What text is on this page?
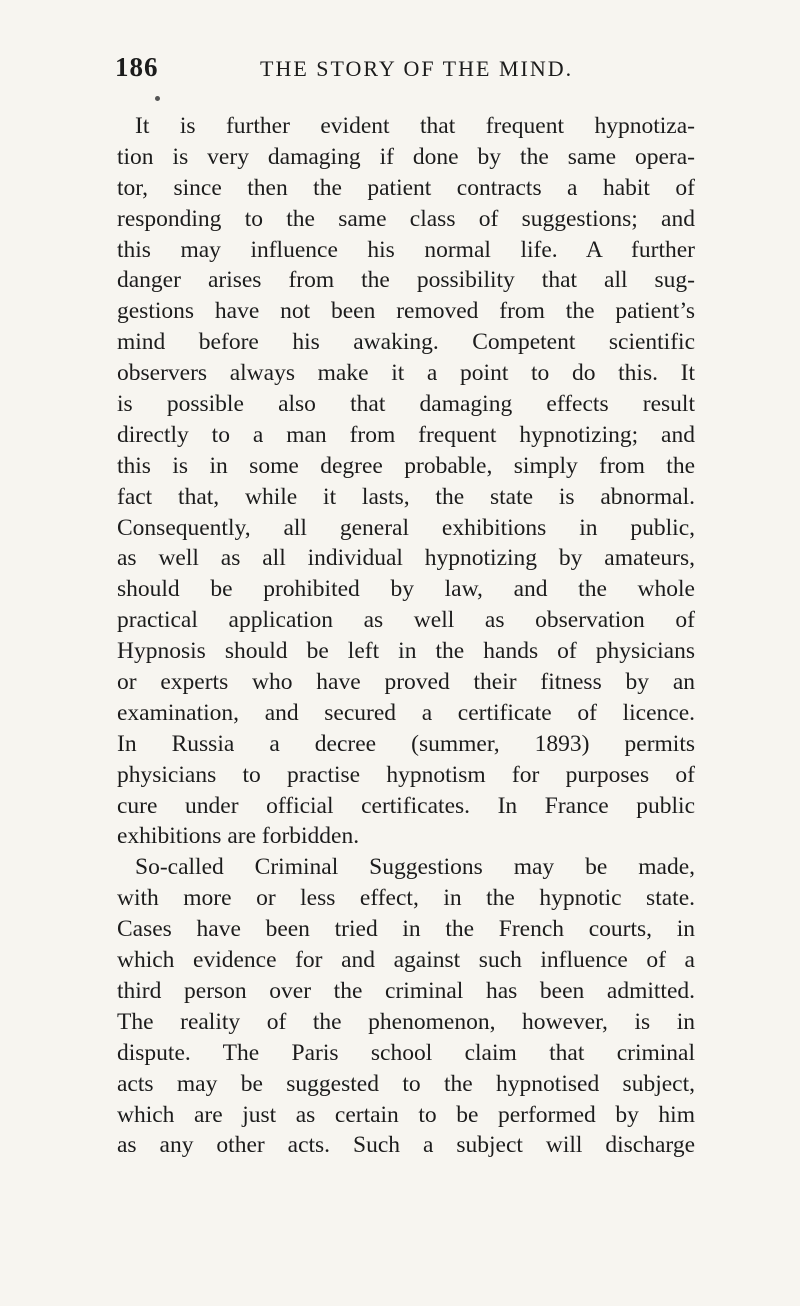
186	THE STORY OF THE MIND.
It is further evident that frequent hypnotiza-
tion is very damaging if done by the same opera-
tor, since then the patient contracts a habit of
responding to the same class of suggestions; and
this may influence his normal life. A further
danger arises from the possibility that all sug-
gestions have not been removed from the patient’s
mind before his awaking. Competent scientific
observers always make it a point to do this. It
is possible also that damaging effects result
directly to a man from frequent hypnotizing; and
this is in some degree probable, simply from the
fact that, while it lasts, the state is abnormal.
Consequently, all general exhibitions in public,
as well as all individual hypnotizing by amateurs,
should be prohibited by law, and the whole
practical application as well as observation of
Hypnosis should be left in the hands of physicians
or experts who have proved their fitness by an
examination, and secured a certificate of licence.
In Russia a decree (summer, 1893) permits
physicians to practise hypnotism for purposes of
cure under official certificates. In France public
exhibitions are forbidden.
So-called Criminal Suggestions may be made,
with more or less effect, in the hypnotic state.
Cases have been tried in the French courts, in
which evidence for and against such influence of a
third person over the criminal has been admitted.
The reality of the phenomenon, however, is in
dispute. The Paris school claim that criminal
acts may be suggested to the hypnotised subject,
which are just as certain to be performed by him
as any other acts. Such a subject will discharge
